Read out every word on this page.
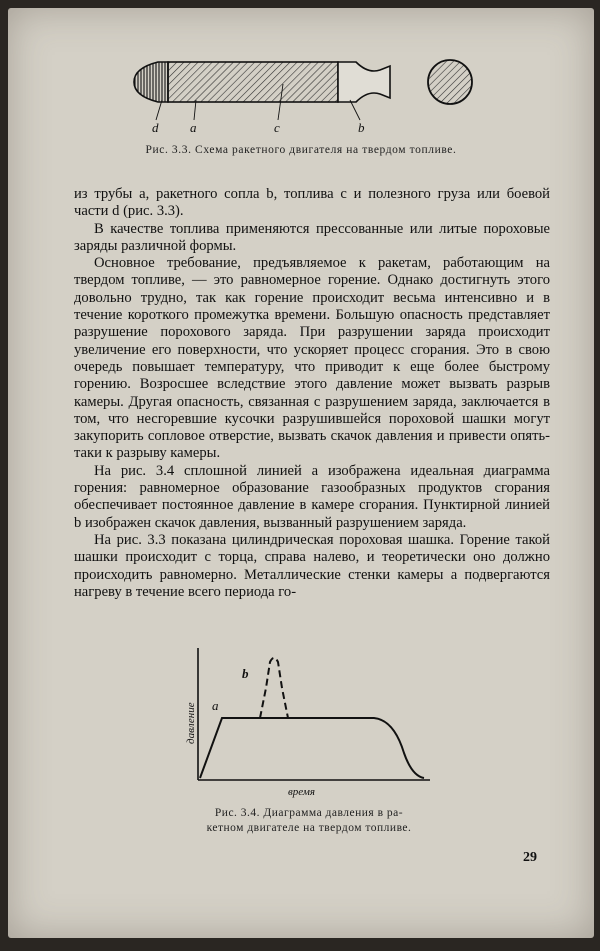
d a	c	b
Рис. 3.3. Схема ракетного двигателя на твердом топливе.

из трубы a, ракетного сопла b, топлива c и полезного груза или боевой части d (рис. 3.3).

В качестве топлива применяются прессованные или литые пороховые заряды различной формы.

Основное требование, предъявляемое к ракетам, работающим на твердом топливе, — это равномерное горение. Однако достигнуть этого довольно трудно, так как горение происходит весьма интенсивно и в течение короткого промежутка времени. Большую опасность представляет разрушение порохового заряда. При разрушении заряда происходит увеличение его поверхности, что ускоряет процесс сгорания. Это в свою очередь повышает температуру, что приводит к еще более быстрому горению. Возросшее вследствие этого давление может вызвать разрыв камеры. Другая опасность, связанная с разрушением заряда, заключается в том, что несгоревшие кусочки разрушившейся пороховой шашки могут закупорить сопловое отверстие, вызвать скачок давления и привести опять-таки к разрыву камеры.

На рис. 3.4 сплошной линией a изображена идеальная диаграмма горения: равномерное образование газообразных продуктов сгорания обеспечивает постоянное давление в камере сгорания. Пунктирной линией b изображен скачок давления, вызванный разрушением заряда.

На рис. 3.3 показана цилиндрическая пороховая шашка. Горение такой шашки происходит с торца, справа налево, и теоретически оно должно происходить равномерно. Металлические стенки камеры a подвергаются нагреву в течение всего периода го-

давление
время
a
b
Рис. 3.4. Диаграмма давления в ра-
кетном двигателе на твердом топливе.
29
